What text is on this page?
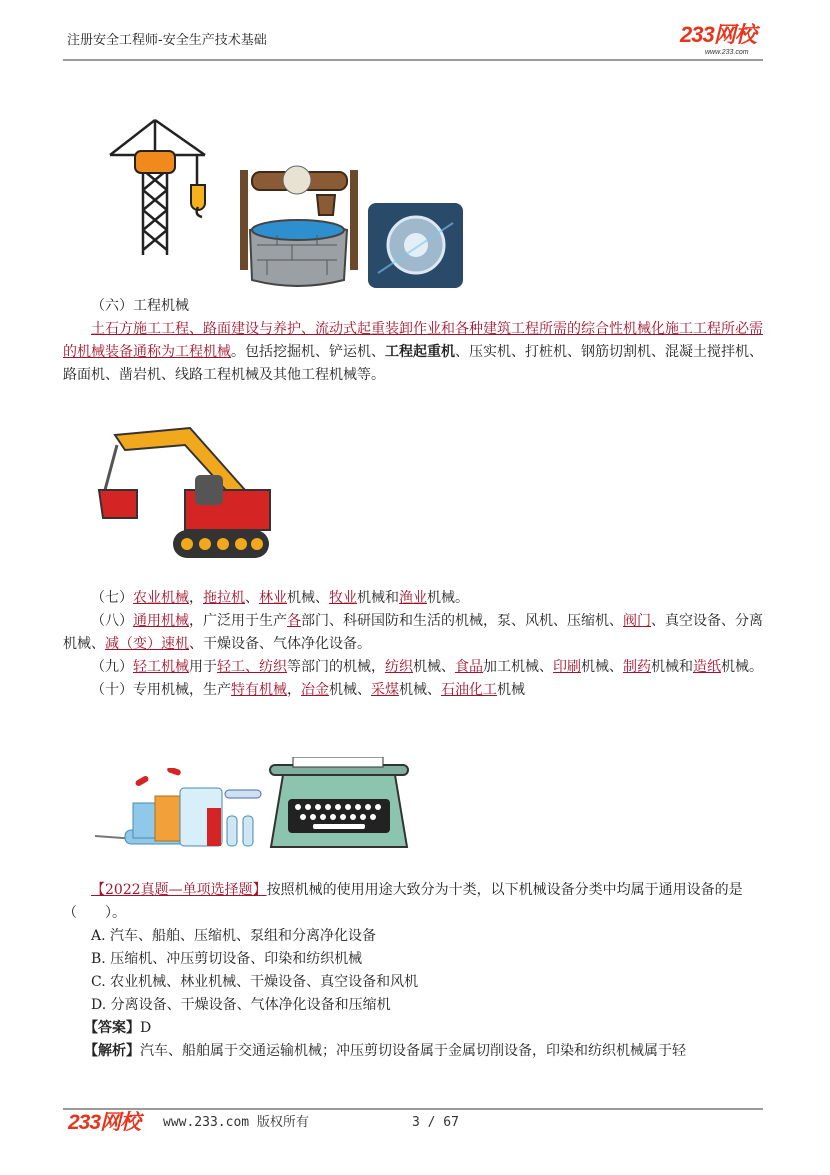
注册安全工程师-安全生产技术基础	233网校
www.233.com
（六）工程机械
土石方施工工程、路面建设与养护、流动式起重装卸作业和各种建筑工程所需的综合性机械化施工工程所必需的机械装备通称为工程机械。包括挖掘机、铲运机、工程起重机、压实机、打桩机、钢筋切割机、混凝土搅拌机、路面机、凿岩机、线路工程机械及其他工程机械等。
（七）农业机械，拖拉机、林业机械、牧业机械和渔业机械。
（八）通用机械，广泛用于生产各部门、科研国防和生活的机械，泵、风机、压缩机、阀门、真空设备、分离机械、减（变）速机、干燥设备、气体净化设备。
（九）轻工机械用于轻工、纺织等部门的机械，纺织机械、食品加工机械、印刷机械、制药机械和造纸机械。
（十）专用机械，生产特有机械，冶金机械、采煤机械、石油化工机械
【2022真题—单项选择题】按照机械的使用用途大致分为十类，以下机械设备分类中均属于通用设备的是（　　）。
A. 汽车、船舶、压缩机、泵组和分离净化设备
B. 压缩机、冲压剪切设备、印染和纺织机械
C. 农业机械、林业机械、干燥设备、真空设备和风机
D. 分离设备、干燥设备、气体净化设备和压缩机
【答案】D
【解析】汽车、船舶属于交通运输机械；冲压剪切设备属于金属切削设备，印染和纺织机械属于轻
233网校 www.233.com 版权所有	3 / 67
